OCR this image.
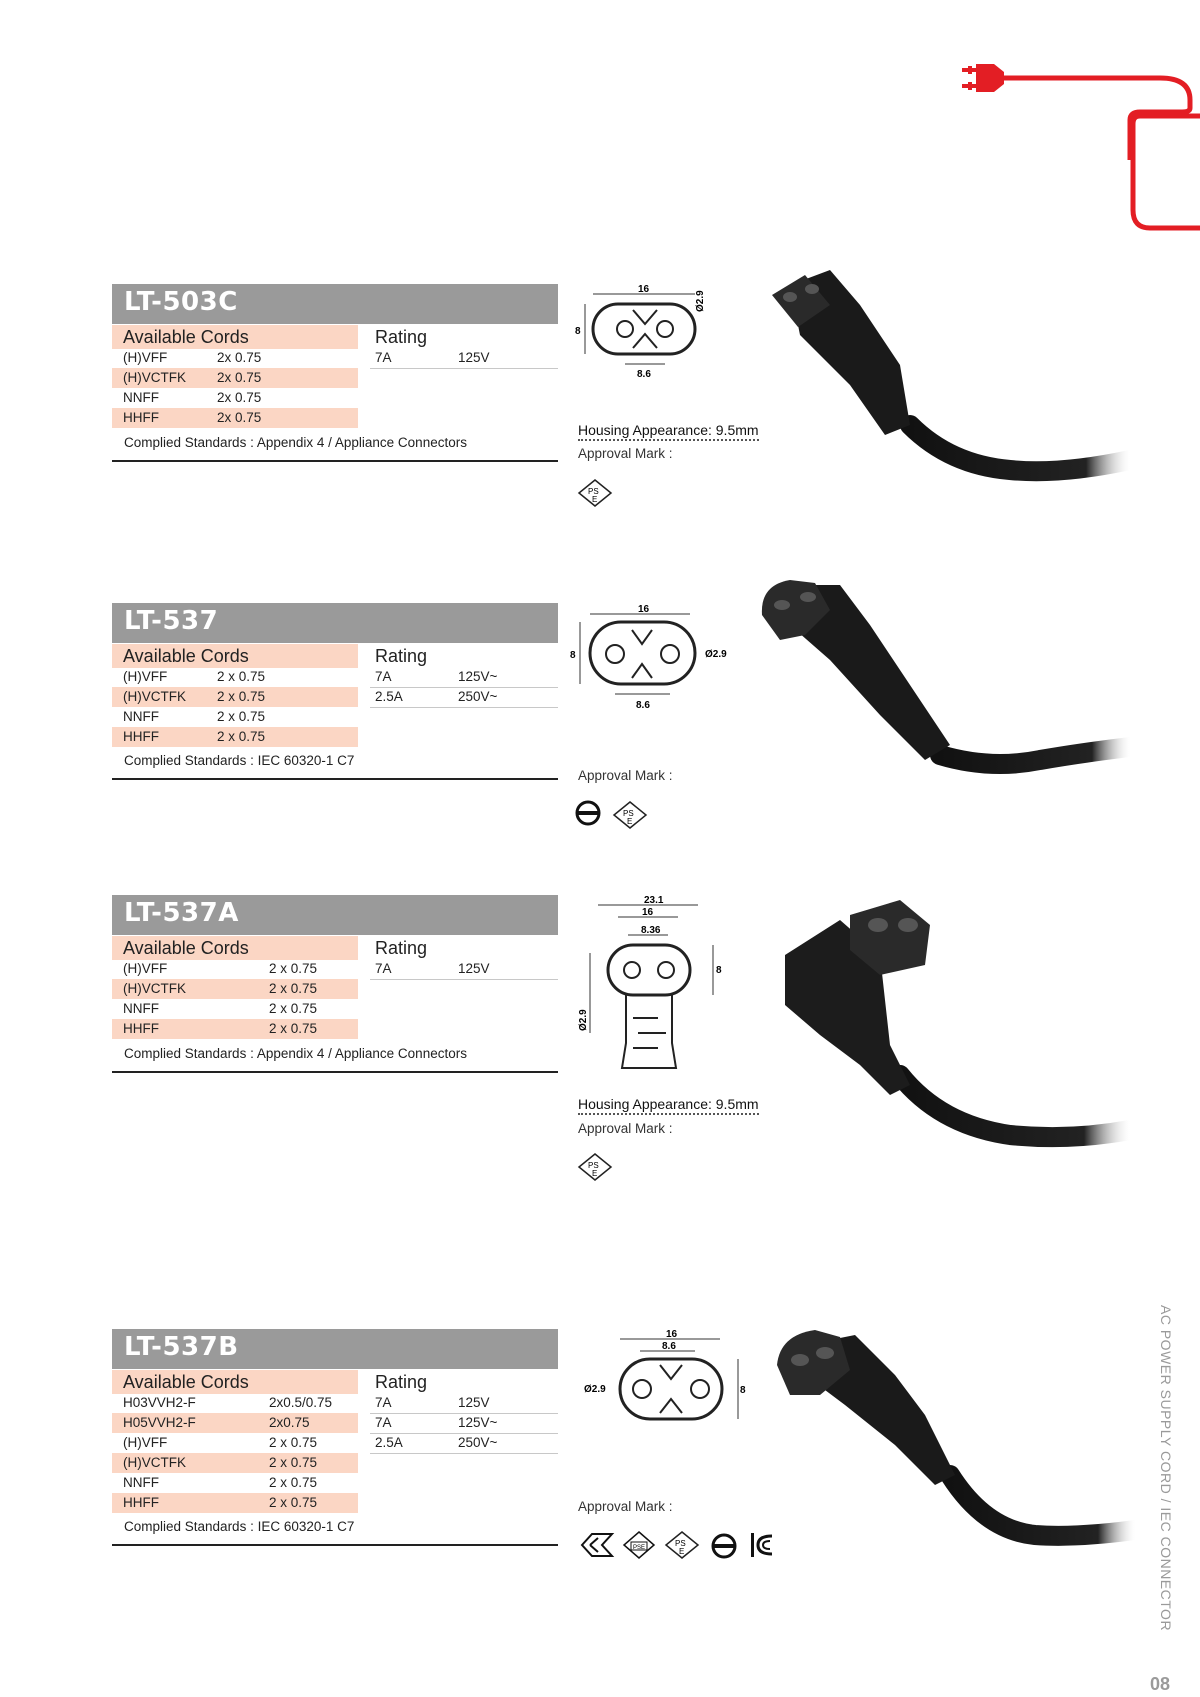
LT-503C
Available Cords	Rating
(H)VFF	2x 0.75
(H)VCTFK 2x 0.75
NNFF	2x 0.75
HHFF	2x 0.75
7A	125V
Complied Standards : Appendix 4 / Appliance Connectors
16
8
8.6
Ø2.9
Housing Appearance: 9.5mm
Approval Mark :
PS
E
LT-537
Available Cords	Rating
(H)VFF	2 x 0.75
(H)VCTFK 2 x 0.75
NNFF	2 x 0.75
HHFF	2 x 0.75
7A	125V~
2.5A	250V~
Complied Standards : IEC 60320-1 C7
16
8
8.6
Ø2.9
Approval Mark :
PS
E
LT-537A
Available Cords	Rating
(H)VFF	2 x 0.75
(H)VCTFK	2 x 0.75
NNFF	2 x 0.75
HHFF	2 x 0.75
7A	125V
Complied Standards : Appendix 4 / Appliance Connectors
23.1
16
8.36
8
Ø2.9
Housing Appearance: 9.5mm
Approval Mark :
PS
E
LT-537B
Available Cords	Rating
H03VVH2-F	2x0.5/0.75
H05VVH2-F	2x0.75
(H)VFF	2 x 0.75
(H)VCTFK	2 x 0.75
NNFF	2 x 0.75
HHFF	2 x 0.75
7A	125V
7A	125V~
2.5A	250V~
Complied Standards : IEC 60320-1 C7
16
8.6
8
Ø2.9
Approval Mark :
PSE	PS
E	AC POWER SUPPLY CORD / IEC CONNECTOR
08
